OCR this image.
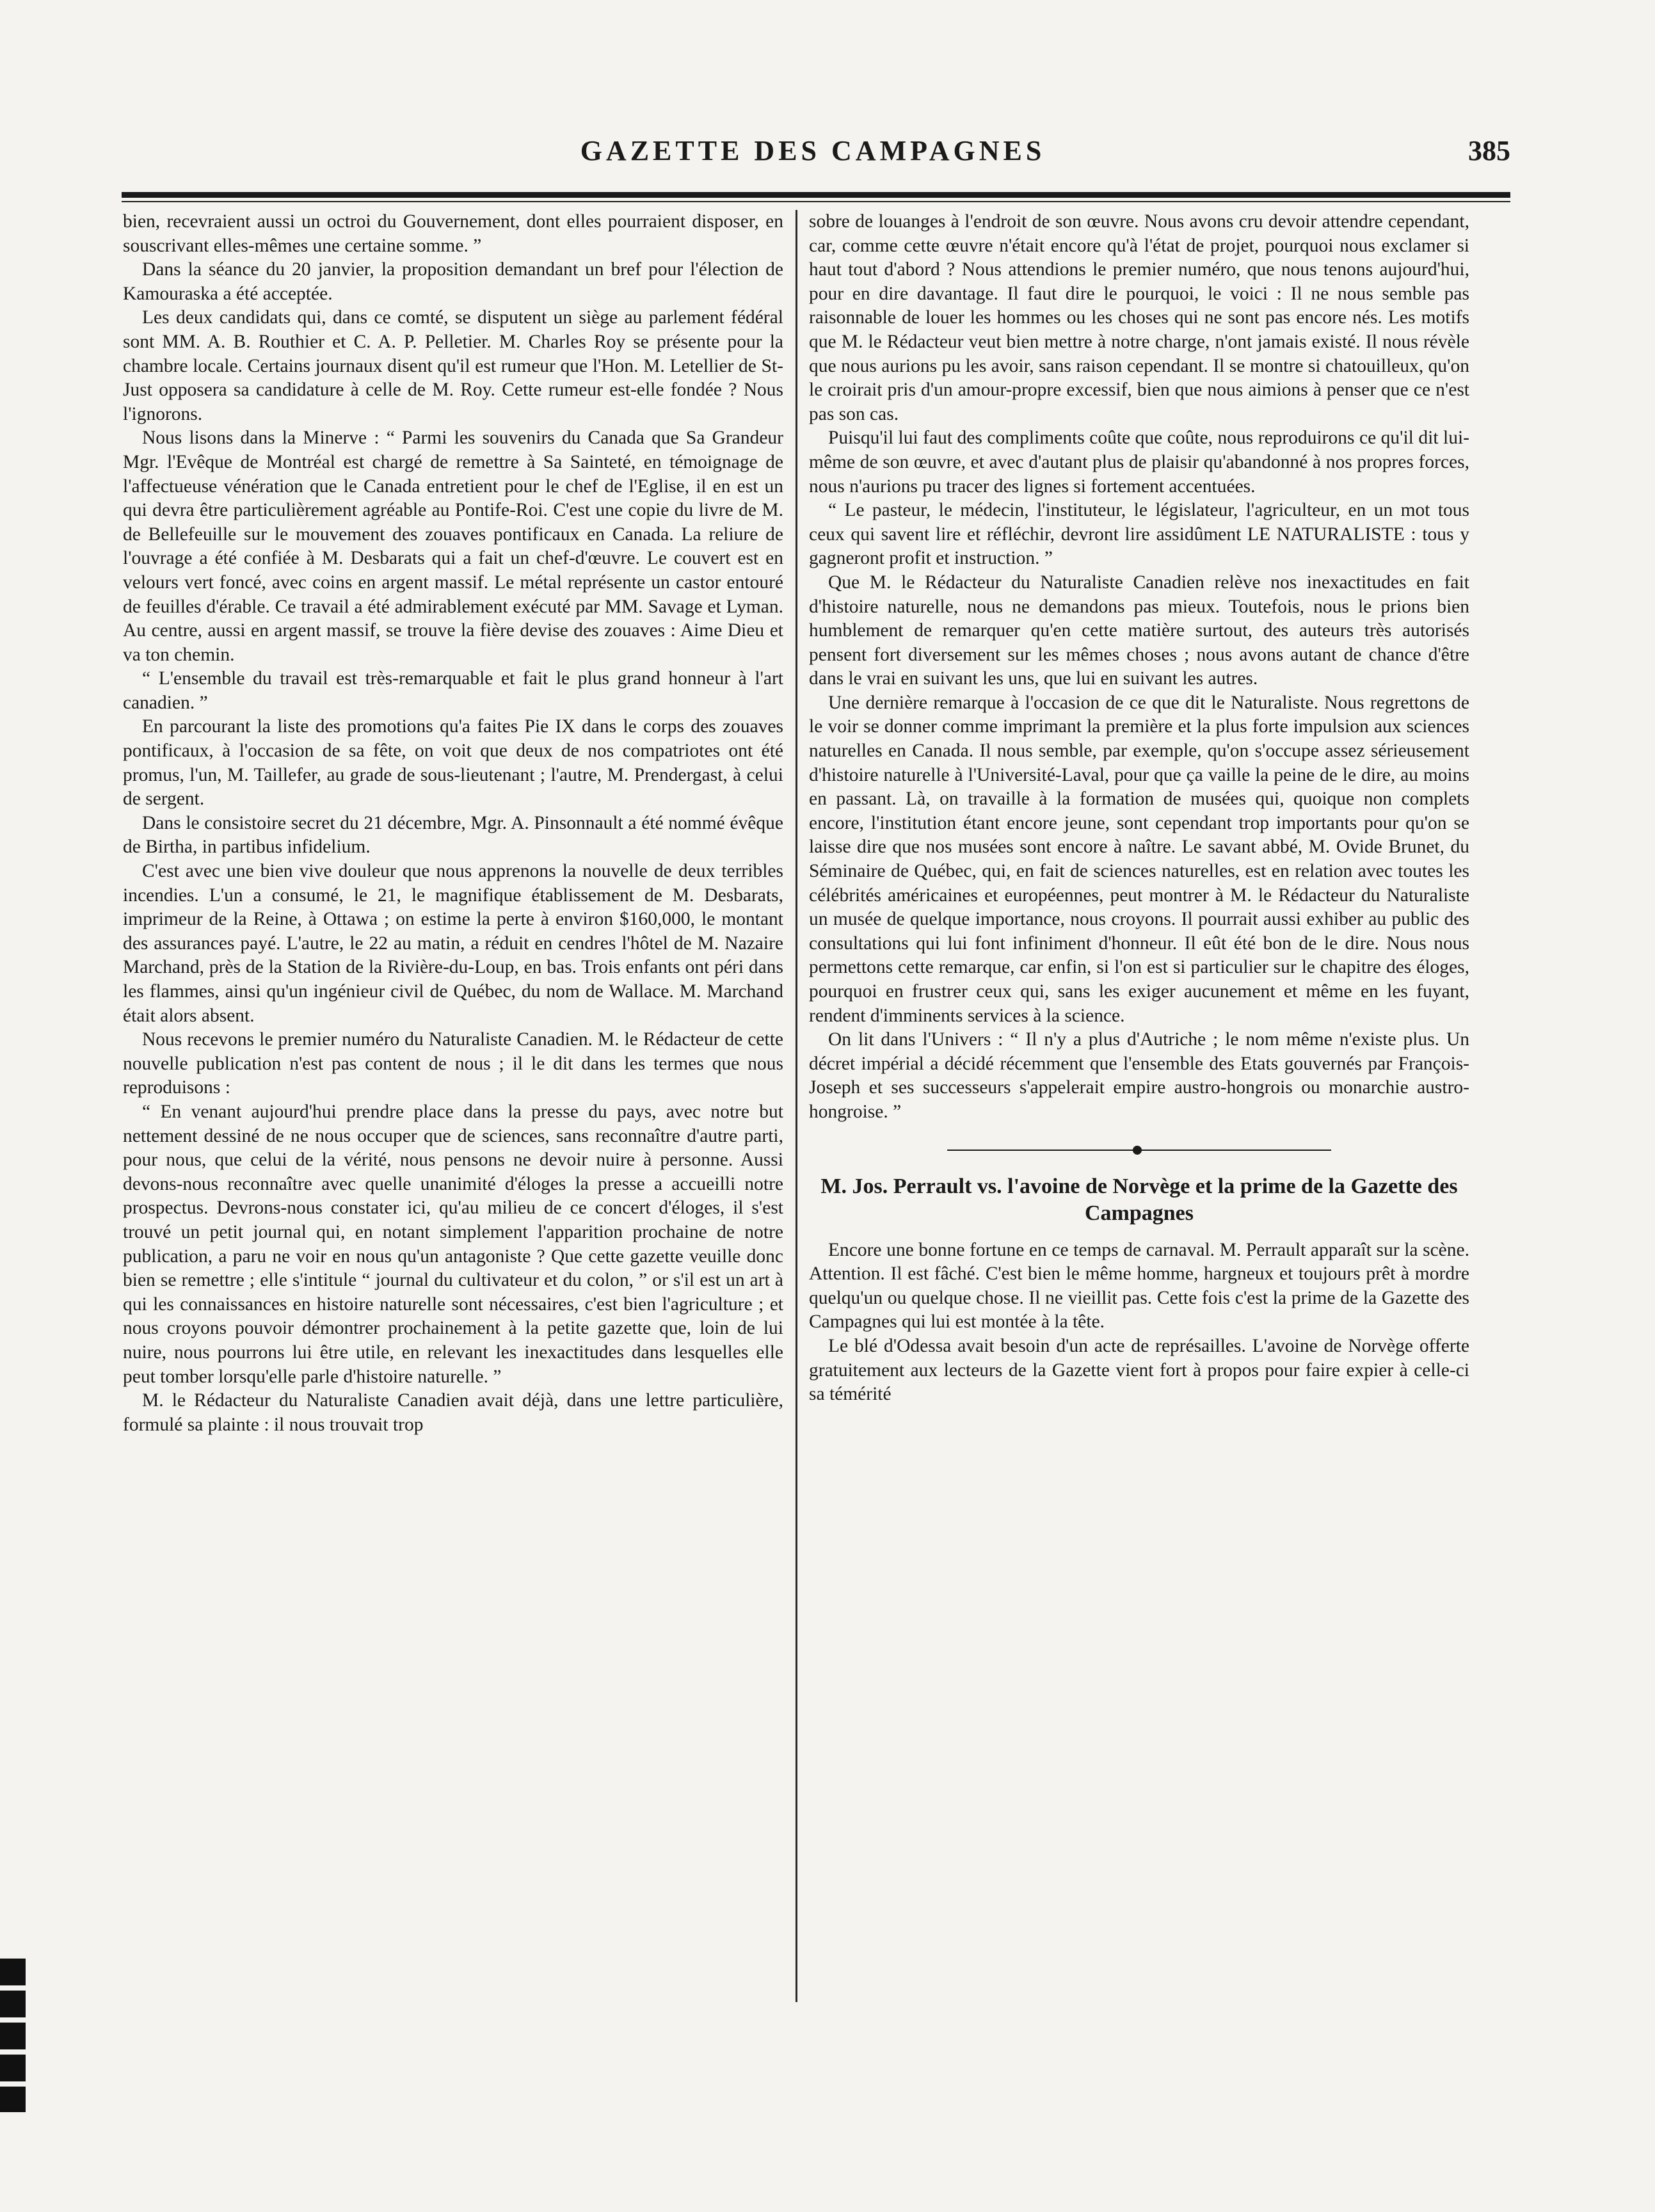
GAZETTE DES CAMPAGNES	385

bien, recevraient aussi un octroi du Gouvernement, dont elles pourraient disposer, en souscrivant elles-mêmes une certaine somme. ”

Dans la séance du 20 janvier, la proposition demandant un bref pour l'élection de Kamouraska a été acceptée.

Les deux candidats qui, dans ce comté, se disputent un siège au parlement fédéral sont MM. A. B. Routhier et C. A. P. Pelletier. M. Charles Roy se présente pour la chambre locale. Certains journaux disent qu'il est rumeur que l'Hon. M. Letellier de St-Just opposera sa candidature à celle de M. Roy. Cette rumeur est-elle fondée ? Nous l'ignorons.

Nous lisons dans la Minerve : “ Parmi les souvenirs du Canada que Sa Grandeur Mgr. l'Evêque de Montréal est chargé de remettre à Sa Sainteté, en témoignage de l'affectueuse vénération que le Canada entretient pour le chef de l'Eglise, il en est un qui devra être particulièrement agréable au Pontife-Roi. C'est une copie du livre de M. de Bellefeuille sur le mouvement des zouaves pontificaux en Canada. La reliure de l'ouvrage a été confiée à M. Desbarats qui a fait un chef-d'œuvre. Le couvert est en velours vert foncé, avec coins en argent massif. Le métal représente un castor entouré de feuilles d'érable. Ce travail a été admirablement exécuté par MM. Savage et Lyman. Au centre, aussi en argent massif, se trouve la fière devise des zouaves : Aime Dieu et va ton chemin.

“ L'ensemble du travail est très-remarquable et fait le plus grand honneur à l'art canadien. ”

En parcourant la liste des promotions qu'a faites Pie IX dans le corps des zouaves pontificaux, à l'occasion de sa fête, on voit que deux de nos compatriotes ont été promus, l'un, M. Taillefer, au grade de sous-lieutenant ; l'autre, M. Prendergast, à celui de sergent.

Dans le consistoire secret du 21 décembre, Mgr. A. Pinsonnault a été nommé évêque de Birtha, in partibus infidelium.

C'est avec une bien vive douleur que nous apprenons la nouvelle de deux terribles incendies. L'un a consumé, le 21, le magnifique établissement de M. Desbarats, imprimeur de la Reine, à Ottawa ; on estime la perte à environ $160,000, le montant des assurances payé. L'autre, le 22 au matin, a réduit en cendres l'hôtel de M. Nazaire Marchand, près de la Station de la Rivière-du-Loup, en bas. Trois enfants ont péri dans les flammes, ainsi qu'un ingénieur civil de Québec, du nom de Wallace. M. Marchand était alors absent.

Nous recevons le premier numéro du Naturaliste Canadien. M. le Rédacteur de cette nouvelle publication n'est pas content de nous ; il le dit dans les termes que nous reproduisons :

“ En venant aujourd'hui prendre place dans la presse du pays, avec notre but nettement dessiné de ne nous occuper que de sciences, sans reconnaître d'autre parti, pour nous, que celui de la vérité, nous pensons ne devoir nuire à personne. Aussi devons-nous reconnaître avec quelle unanimité d'éloges la presse a accueilli notre prospectus. Devrons-nous constater ici, qu'au milieu de ce concert d'éloges, il s'est trouvé un petit journal qui, en notant simplement l'apparition prochaine de notre publication, a paru ne voir en nous qu'un antagoniste ? Que cette gazette veuille donc bien se remettre ; elle s'intitule “ journal du cultivateur et du colon, ” or s'il est un art à qui les connaissances en histoire naturelle sont nécessaires, c'est bien l'agriculture ; et nous croyons pouvoir démontrer prochainement à la petite gazette que, loin de lui nuire, nous pourrons lui être utile, en relevant les inexactitudes dans lesquelles elle peut tomber lorsqu'elle parle d'histoire naturelle. ”

M. le Rédacteur du Naturaliste Canadien avait déjà, dans une lettre particulière, formulé sa plainte : il nous trouvait trop

sobre de louanges à l'endroit de son œuvre. Nous avons cru devoir attendre cependant, car, comme cette œuvre n'était encore qu'à l'état de projet, pourquoi nous exclamer si haut tout d'abord ? Nous attendions le premier numéro, que nous tenons aujourd'hui, pour en dire davantage. Il faut dire le pourquoi, le voici : Il ne nous semble pas raisonnable de louer les hommes ou les choses qui ne sont pas encore nés. Les motifs que M. le Rédacteur veut bien mettre à notre charge, n'ont jamais existé. Il nous révèle que nous aurions pu les avoir, sans raison cependant. Il se montre si chatouilleux, qu'on le croirait pris d'un amour-propre excessif, bien que nous aimions à penser que ce n'est pas son cas.

Puisqu'il lui faut des compliments coûte que coûte, nous reproduirons ce qu'il dit lui-même de son œuvre, et avec d'autant plus de plaisir qu'abandonné à nos propres forces, nous n'aurions pu tracer des lignes si fortement accentuées.

“ Le pasteur, le médecin, l'instituteur, le législateur, l'agriculteur, en un mot tous ceux qui savent lire et réfléchir, devront lire assidûment LE NATURALISTE : tous y gagneront profit et instruction. ”

Que M. le Rédacteur du Naturaliste Canadien relève nos inexactitudes en fait d'histoire naturelle, nous ne demandons pas mieux. Toutefois, nous le prions bien humblement de remarquer qu'en cette matière surtout, des auteurs très autorisés pensent fort diversement sur les mêmes choses ; nous avons autant de chance d'être dans le vrai en suivant les uns, que lui en suivant les autres.

Une dernière remarque à l'occasion de ce que dit le Naturaliste. Nous regrettons de le voir se donner comme imprimant la première et la plus forte impulsion aux sciences naturelles en Canada. Il nous semble, par exemple, qu'on s'occupe assez sérieusement d'histoire naturelle à l'Université-Laval, pour que ça vaille la peine de le dire, au moins en passant. Là, on travaille à la formation de musées qui, quoique non complets encore, l'institution étant encore jeune, sont cependant trop importants pour qu'on se laisse dire que nos musées sont encore à naître. Le savant abbé, M. Ovide Brunet, du Séminaire de Québec, qui, en fait de sciences naturelles, est en relation avec toutes les célébrités américaines et européennes, peut montrer à M. le Rédacteur du Naturaliste un musée de quelque importance, nous croyons. Il pourrait aussi exhiber au public des consultations qui lui font infiniment d'honneur. Il eût été bon de le dire. Nous nous permettons cette remarque, car enfin, si l'on est si particulier sur le chapitre des éloges, pourquoi en frustrer ceux qui, sans les exiger aucunement et même en les fuyant, rendent d'imminents services à la science.

On lit dans l'Univers : “ Il n'y a plus d'Autriche ; le nom même n'existe plus. Un décret impérial a décidé récemment que l'ensemble des Etats gouvernés par François-Joseph et ses successeurs s'appelerait empire austro-hongrois ou monarchie austro-hongroise. ”

M. Jos. Perrault vs. l'avoine de Norvège et la prime de la Gazette des Campagnes

Encore une bonne fortune en ce temps de carnaval. M. Perrault apparaît sur la scène. Attention. Il est fâché. C'est bien le même homme, hargneux et toujours prêt à mordre quelqu'un ou quelque chose. Il ne vieillit pas. Cette fois c'est la prime de la Gazette des Campagnes qui lui est montée à la tête.

Le blé d'Odessa avait besoin d'un acte de représailles. L'avoine de Norvège offerte gratuitement aux lecteurs de la Gazette vient fort à propos pour faire expier à celle-ci sa témérité
